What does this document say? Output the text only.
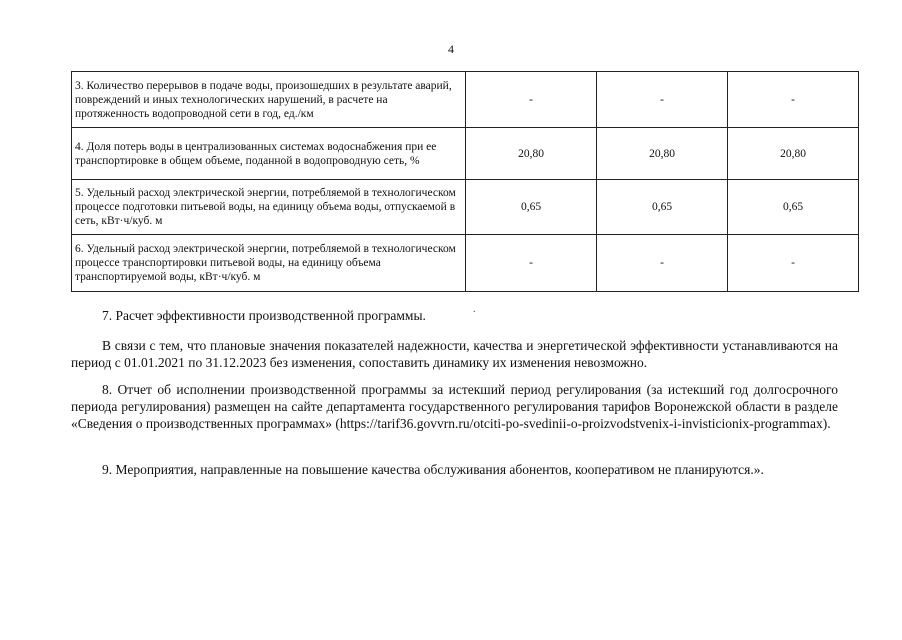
4
3. Количество перерывов в подаче воды, произошедших в результате аварий, повреждений и иных технологических нарушений, в расчете на протяженность водопроводной сети в год, ед./км	-	-	-
4. Доля потерь воды в централизованных системах водоснабжения при ее транспортировке в общем объеме, поданной в водопроводную сеть, %	20,80	20,80	20,80
5. Удельный расход электрической энергии, потребляемой в технологическом процессе подготовки питьевой воды, на единицу объема воды, отпускаемой в сеть, кВт·ч/куб. м	0,65	0,65	0,65
6. Удельный расход электрической энергии, потребляемой в технологическом процессе транспортировки питьевой воды, на единицу объема транспортируемой воды, кВт·ч/куб. м	-	-	-
7. Расчет эффективности производственной программы.	.
В связи с тем, что плановые значения показателей надежности, качества и энергетической эффективности устанавливаются на период с 01.01.2021 по 31.12.2023 без изменения, сопоставить динамику их изменения невозможно.
8. Отчет об исполнении производственной программы за истекший период регулирования (за истекший год долгосрочного периода регулирования) размещен на сайте департамента государственного регулирования тарифов Воронежской области в разделе «Сведения о производственных программах» (https://tarif36.govvrn.ru/otciti-po-svedinii-o-proizvodstvenix-i-invisticionix-programmax).
9. Мероприятия, направленные на повышение качества обслуживания абонентов, кооперативом не планируются.».
